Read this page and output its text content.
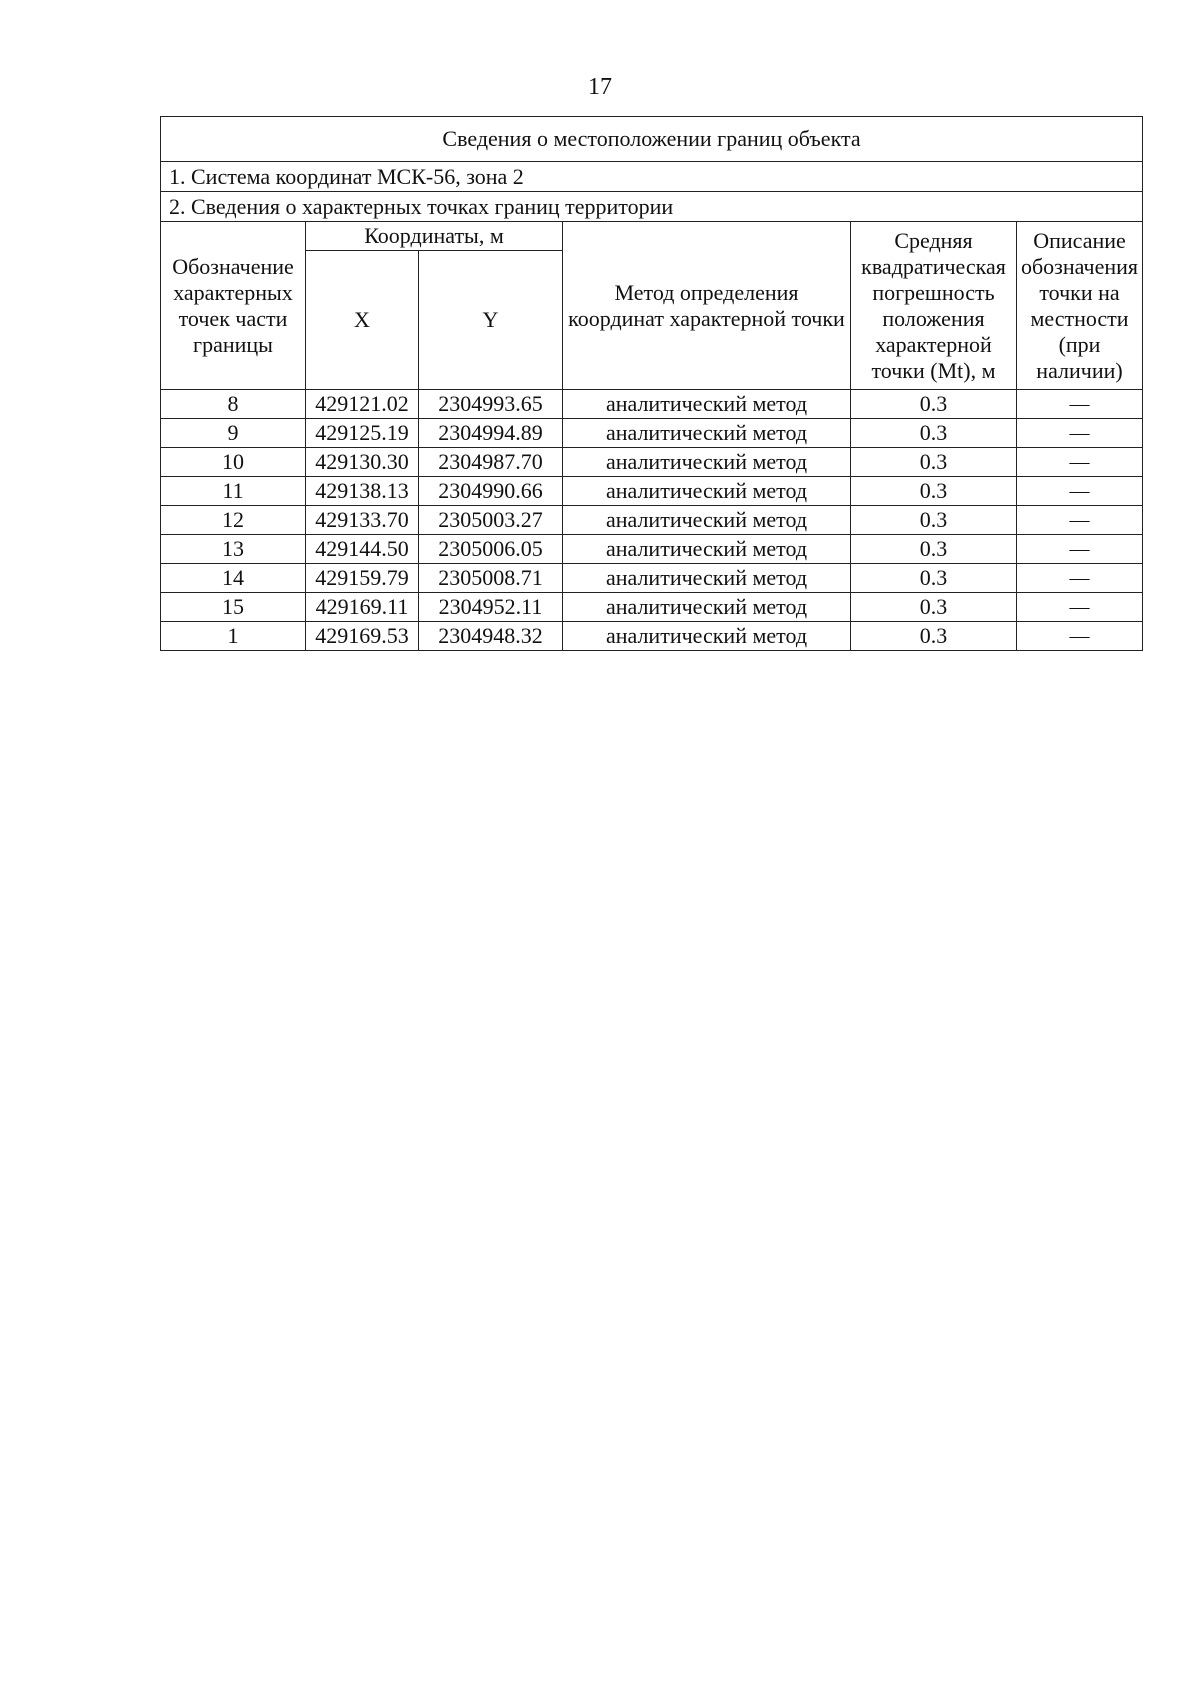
17
Сведения о местоположении границ объекта					
1. Система координат МСК-56, зона 2					
2. Сведения о характерных точках границ территории					
Обозначение характерных точек части границы	Координаты, м		Метод определения координат характерной точки	Средняя квадратическая погрешность положения характерной точки (Mt), м	Описание обозначения точки на местности (при наличии)
	X	Y			
8	429121.02	2304993.65	аналитический метод	0.3	—
9	429125.19	2304994.89	аналитический метод	0.3	—
10	429130.30	2304987.70	аналитический метод	0.3	—
11	429138.13	2304990.66	аналитический метод	0.3	—
12	429133.70	2305003.27	аналитический метод	0.3	—
13	429144.50	2305006.05	аналитический метод	0.3	—
14	429159.79	2305008.71	аналитический метод	0.3	—
15	429169.11	2304952.11	аналитический метод	0.3	—
1	429169.53	2304948.32	аналитический метод	0.3	—
